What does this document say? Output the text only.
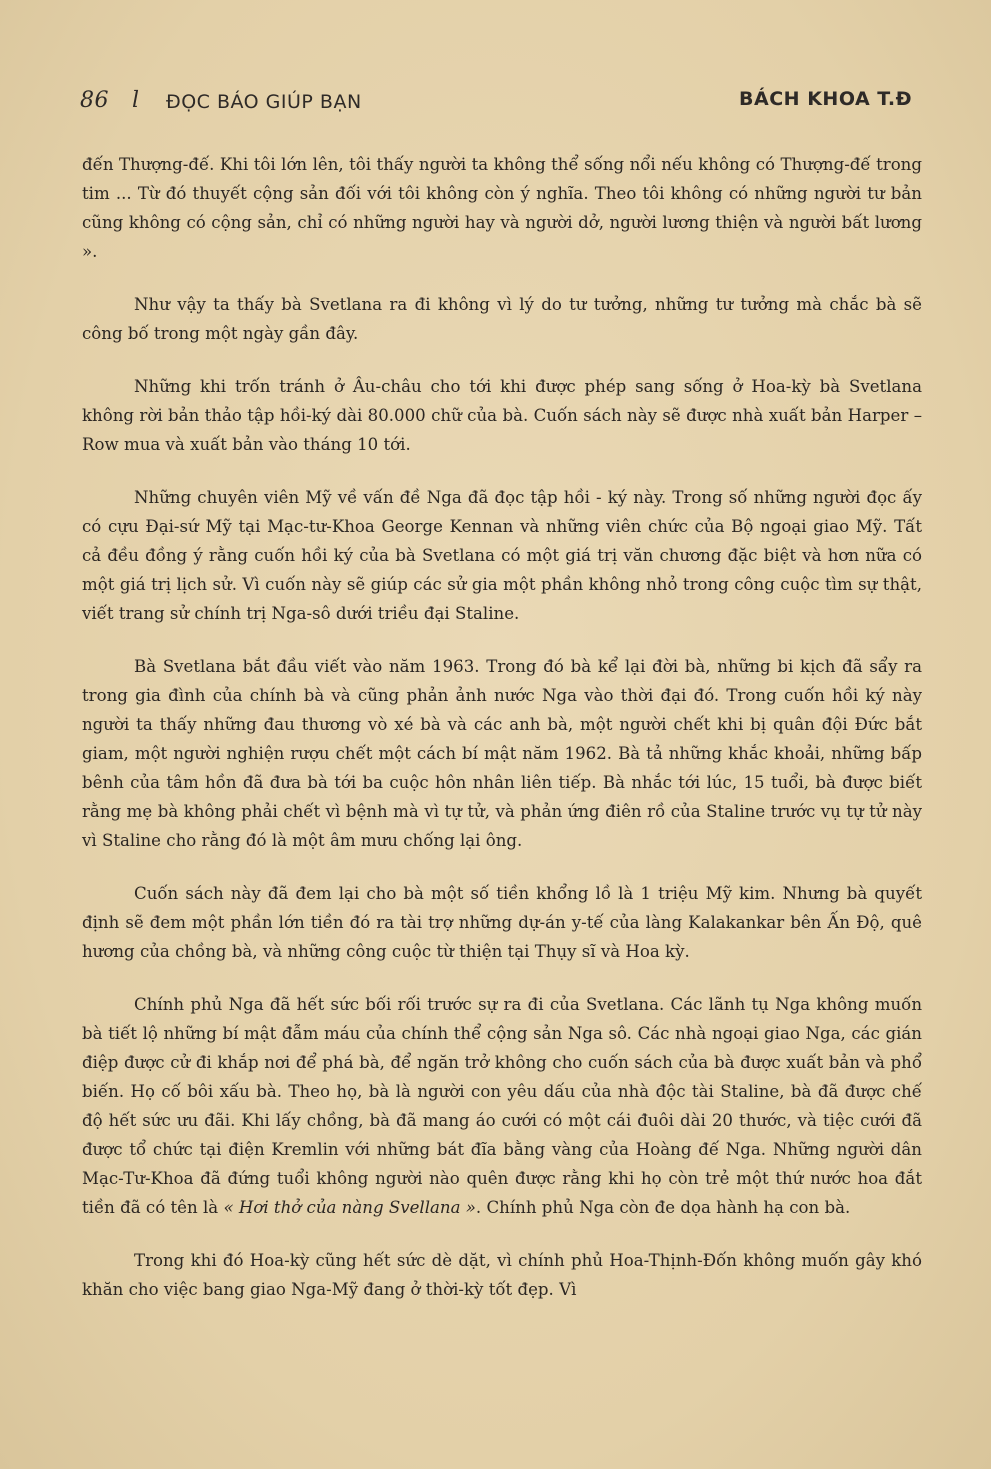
86 l ĐỌC BÁO GIÚP BẠN	BÁCH KHOA T.Đ

đến Thượng-đế. Khi tôi lớn lên, tôi thấy người ta không thể sống nổi nếu không có Thượng-đế trong tim ... Từ đó thuyết cộng sản đối với tôi không còn ý nghĩa. Theo tôi không có những người tư bản cũng không có cộng sản, chỉ có những người hay và người dở, người lương thiện và người bất lương ».

Như vậy ta thấy bà Svetlana ra đi không vì lý do tư tưởng, những tư tưởng mà chắc bà sẽ công bố trong một ngày gần đây.

Những khi trốn tránh ở Âu-châu cho tới khi được phép sang sống ở Hoa-kỳ bà Svetlana không rời bản thảo tập hồi-ký dài 80.000 chữ của bà. Cuốn sách này sẽ được nhà xuất bản Harper – Row mua và xuất bản vào tháng 10 tới.

Những chuyên viên Mỹ về vấn đề Nga đã đọc tập hồi - ký này. Trong số những người đọc ấy có cựu Đại-sứ Mỹ tại Mạc-tư-Khoa George Kennan và những viên chức của Bộ ngoại giao Mỹ. Tất cả đều đồng ý rằng cuốn hồi ký của bà Svetlana có một giá trị văn chương đặc biệt và hơn nữa có một giá trị lịch sử. Vì cuốn này sẽ giúp các sử gia một phần không nhỏ trong công cuộc tìm sự thật, viết trang sử chính trị Nga-sô dưới triều đại Staline.

Bà Svetlana bắt đầu viết vào năm 1963. Trong đó bà kể lại đời bà, những bi kịch đã sẩy ra trong gia đình của chính bà và cũng phản ảnh nước Nga vào thời đại đó. Trong cuốn hồi ký này người ta thấy những đau thương vò xé bà và các anh bà, một người chết khi bị quân đội Đức bắt giam, một người nghiện rượu chết một cách bí mật năm 1962. Bà tả những khắc khoải, những bấp bênh của tâm hồn đã đưa bà tới ba cuộc hôn nhân liên tiếp. Bà nhắc tới lúc, 15 tuổi, bà được biết rằng mẹ bà không phải chết vì bệnh mà vì tự tử, và phản ứng điên rồ của Staline trước vụ tự tử này vì Staline cho rằng đó là một âm mưu chống lại ông.

Cuốn sách này đã đem lại cho bà một số tiền khổng lồ là 1 triệu Mỹ kim. Nhưng bà quyết định sẽ đem một phần lớn tiền đó ra tài trợ những dự-án y-tế của làng Kalakankar bên Ấn Độ, quê hương của chồng bà, và những công cuộc từ thiện tại Thụy sĩ và Hoa kỳ.

Chính phủ Nga đã hết sức bối rối trước sự ra đi của Svetlana. Các lãnh tụ Nga không muốn bà tiết lộ những bí mật đẫm máu của chính thể cộng sản Nga sô. Các nhà ngoại giao Nga, các gián điệp được cử đi khắp nơi để phá bà, để ngăn trở không cho cuốn sách của bà được xuất bản và phổ biến. Họ cố bôi xấu bà. Theo họ, bà là người con yêu dấu của nhà độc tài Staline, bà đã được chế độ hết sức ưu đãi. Khi lấy chồng, bà đã mang áo cưới có một cái đuôi dài 20 thước, và tiệc cưới đã được tổ chức tại điện Kremlin với những bát đĩa bằng vàng của Hoàng đế Nga. Những người dân Mạc-Tư-Khoa đã đứng tuổi không người nào quên được rằng khi họ còn trẻ một thứ nước hoa đắt tiền đã có tên là « Hơi thở của nàng Svellana ». Chính phủ Nga còn đe dọa hành hạ con bà.

Trong khi đó Hoa-kỳ cũng hết sức dè dặt, vì chính phủ Hoa-Thịnh-Đốn không muốn gây khó khăn cho việc bang giao Nga-Mỹ đang ở thời-kỳ tốt đẹp. Vì
